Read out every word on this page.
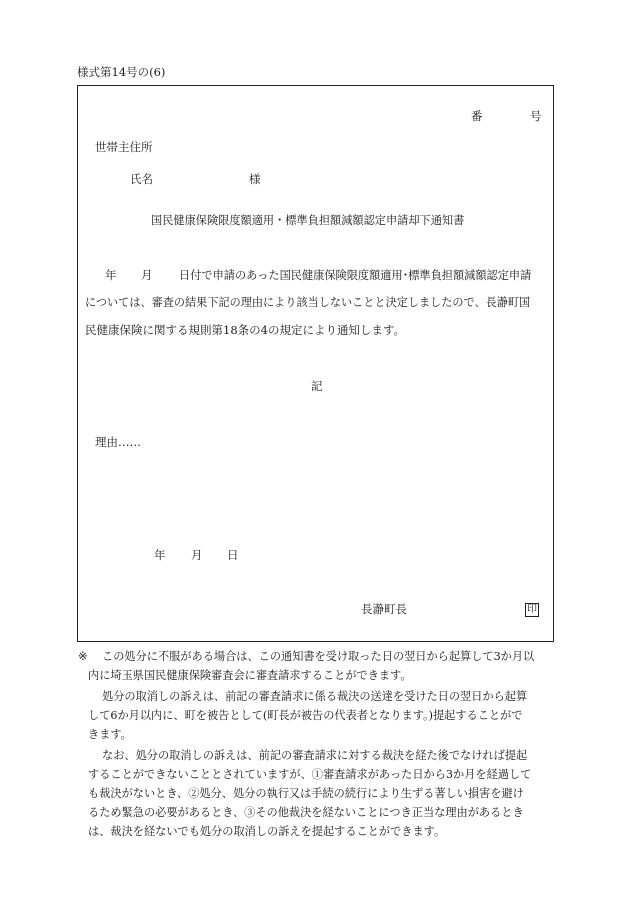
様式第14号の(6)
番	号
世帯主住所
氏名	様
国民健康保険限度額適用・標準負担額減額認定申請却下通知書
年 月 日付で申請のあった国民健康保険限度額適用･標準負担額減額認定申請
については、審査の結果下記の理由により該当しないことと決定しましたので、長瀞町国
民健康保険に関する規則第18条の4の規定により通知します。
記
理由……
年 月 日
長瀞町長	印
※ この処分に不服がある場合は、この通知書を受け取った日の翌日から起算して3か月以
内に埼玉県国民健康保険審査会に審査請求することができます。
処分の取消しの訴えは、前記の審査請求に係る裁決の送達を受けた日の翌日から起算
して6か月以内に、町を被告として(町長が被告の代表者となります。)提起することがで
きます。
なお、処分の取消しの訴えは、前記の審査請求に対する裁決を経た後でなければ提起
することができないこととされていますが、①審査請求があった日から3か月を経過して
も裁決がないとき、②処分、処分の執行又は手続の続行により生ずる著しい損害を避け
るため緊急の必要があるとき、③その他裁決を経ないことにつき正当な理由があるとき
は、裁決を経ないでも処分の取消しの訴えを提起することができます。
